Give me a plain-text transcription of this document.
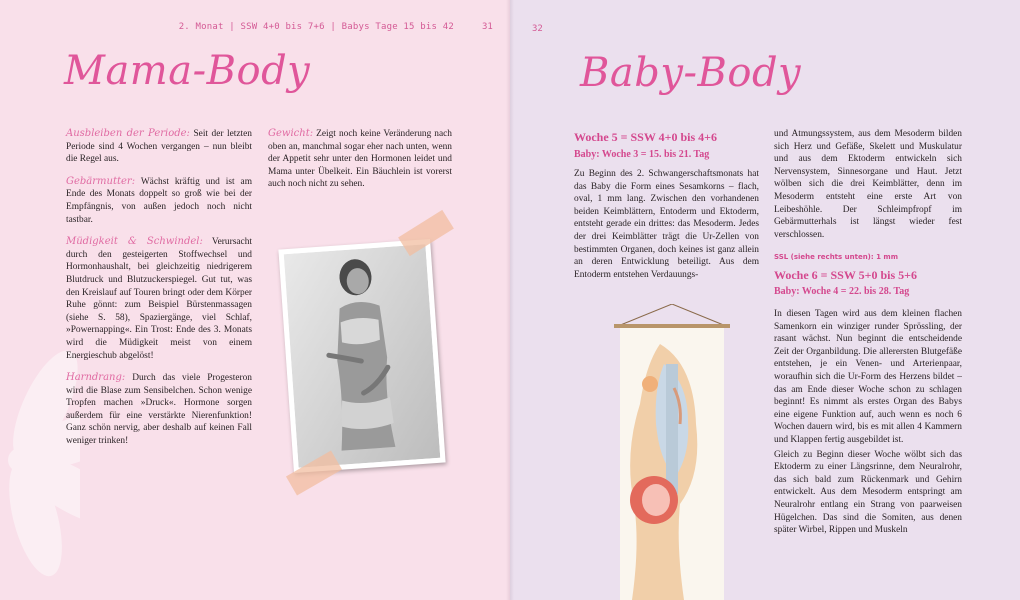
2. Monat | SSW 4+0 bis 7+6 | Babys Tage 15 bis 42	31
Mama-Body

Ausbleiben der Periode: Seit der letzten Periode sind 4 Wochen vergangen – nun bleibt die Regel aus.

Gebärmutter: Wächst kräftig und ist am Ende des Monats doppelt so groß wie bei der Empfängnis, von außen jedoch noch nicht tastbar.

Müdigkeit & Schwindel: Verursacht durch den gesteigerten Stoffwechsel und Hormonhaushalt, bei gleichzeitig niedrigerem Blutdruck und Blutzuckerspiegel. Gut tut, was den Kreislauf auf Touren bringt oder dem Körper Ruhe gönnt: zum Beispiel Bürstenmassagen (siehe S. 58), Spaziergänge, viel Schlaf, »Powernapping«. Ein Trost: Ende des 3. Monats wird die Müdigkeit meist von einem Energieschub abgelöst!

Harndrang: Durch das viele Progesteron wird die Blase zum Sensibelchen. Schon wenige Tropfen machen »Druck«. Hormone sorgen außerdem für eine verstärkte Nierenfunktion! Ganz schön nervig, aber deshalb auf keinen Fall weniger trinken!

Gewicht: Zeigt noch keine Veränderung nach oben an, manchmal sogar eher nach unten, wenn der Appetit sehr unter den Hormonen leidet und Mama unter Übelkeit. Ein Bäuchlein ist vorerst auch noch nicht zu sehen.

32
Baby-Body
Woche 5 = SSW 4+0 bis 4+6
Baby: Woche 3 = 15. bis 21. Tag

Zu Beginn des 2. Schwangerschaftsmonats hat das Baby die Form eines Sesamkorns – flach, oval, 1 mm lang. Zwischen den vorhandenen beiden Keimblättern, Entoderm und Ektoderm, entsteht gerade ein drittes: das Mesoderm. Jedes der drei Keimblätter trägt die Ur-Zellen von bestimmten Organen, doch keines ist ganz allein an deren Entwicklung beteiligt. Aus dem Entoderm entstehen Verdauungs-

und Atmungssystem, aus dem Mesoderm bilden sich Herz und Gefäße, Skelett und Muskulatur und aus dem Ektoderm entwickeln sich Nervensystem, Sinnesorgane und Haut. Jetzt wölben sich die drei Keimblätter, denn im Mesoderm entsteht eine erste Art von Leibeshöhle. Der Schleimpfropf im Gebärmutterhals ist längst wieder fest verschlossen.

SSL (siehe rechts unten): 1 mm
Woche 6 = SSW 5+0 bis 5+6
Baby: Woche 4 = 22. bis 28. Tag

In diesen Tagen wird aus dem kleinen flachen Samenkorn ein winziger runder Sprössling, der rasant wächst. Nun beginnt die entscheidende Zeit der Organbildung. Die allerersten Blutgefäße entstehen, je ein Venen- und Arterienpaar, woraufhin sich die Ur-Form des Herzens bildet – das am Ende dieser Woche schon zu schlagen beginnt! Es nimmt als erstes Organ des Babys eine eigene Funktion auf, auch wenn es noch 6 Wochen dauern wird, bis es mit allen 4 Kammern und Klappen fertig ausgebildet ist.

Gleich zu Beginn dieser Woche wölbt sich das Ektoderm zu einer Längsrinne, dem Neuralrohr, das sich bald zum Rückenmark und Gehirn entwickelt. Aus dem Mesoderm entspringt am Neuralrohr entlang ein Strang von paarweisen Hügelchen. Das sind die Somiten, aus denen später Wirbel, Rippen und Muskeln
